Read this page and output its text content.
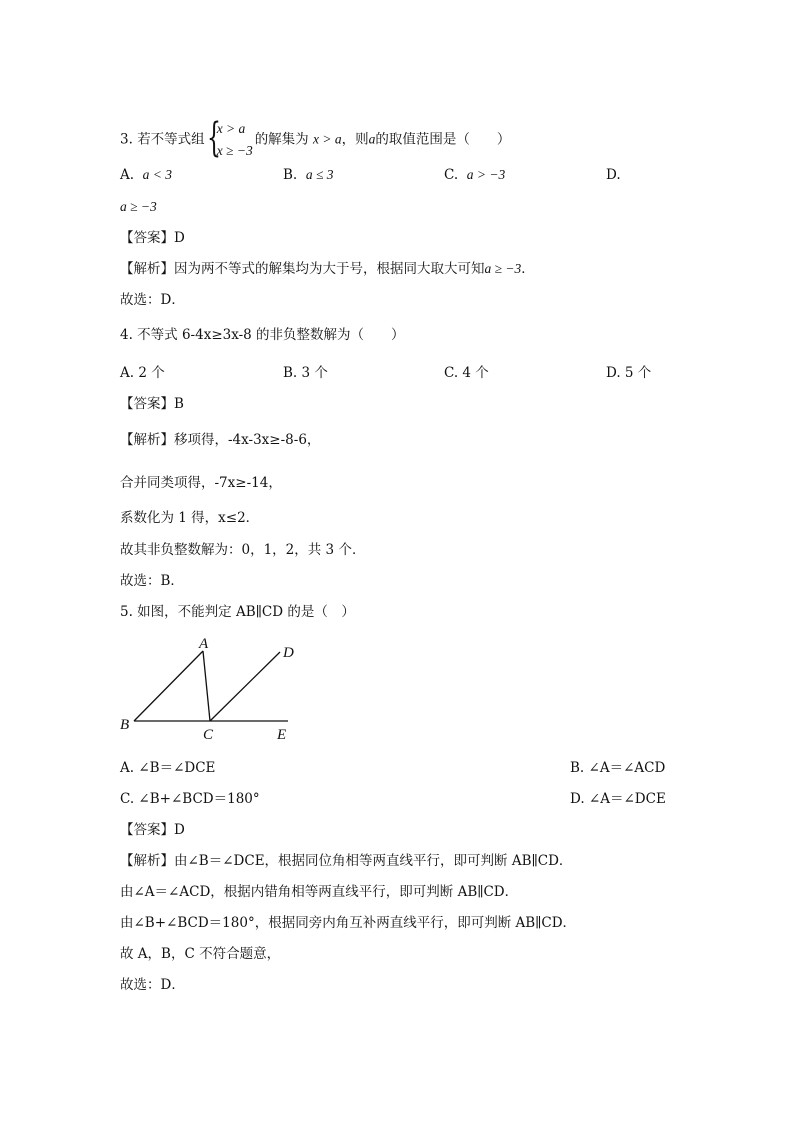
3. 若不等式组 {
x > a
x ≥ −3
的解集为 x > a，则a的取值范围是（　　）
A. a < 3	B. a ≤ 3	C. a > −3	D.
a ≥ −3
【答案】D
【解析】因为两不等式的解集均为大于号，根据同大取大可知a ≥ −3．
故选：D．
4. 不等式 6-4x≥3x-8 的非负整数解为（　　）
A. 2 个	B. 3 个	C. 4 个	D. 5 个
【答案】B
【解析】移项得，-4x-3x≥-8-6，
合并同类项得，-7x≥-14，
系数化为 1 得，x≤2．
故其非负整数解为：0，1，2，共 3 个．
故选：B．
5. 如图，不能判定 AB∥CD 的是（　）
A
D
B
C	E
A. ∠B＝∠DCE	B. ∠A＝∠ACD
C. ∠B+∠BCD＝180°	D. ∠A＝∠DCE
【答案】D
【解析】由∠B＝∠DCE，根据同位角相等两直线平行，即可判断 AB∥CD．
由∠A＝∠ACD，根据内错角相等两直线平行，即可判断 AB∥CD．
由∠B+∠BCD＝180°，根据同旁内角互补两直线平行，即可判断 AB∥CD．
故 A，B，C 不符合题意，
故选：D．
